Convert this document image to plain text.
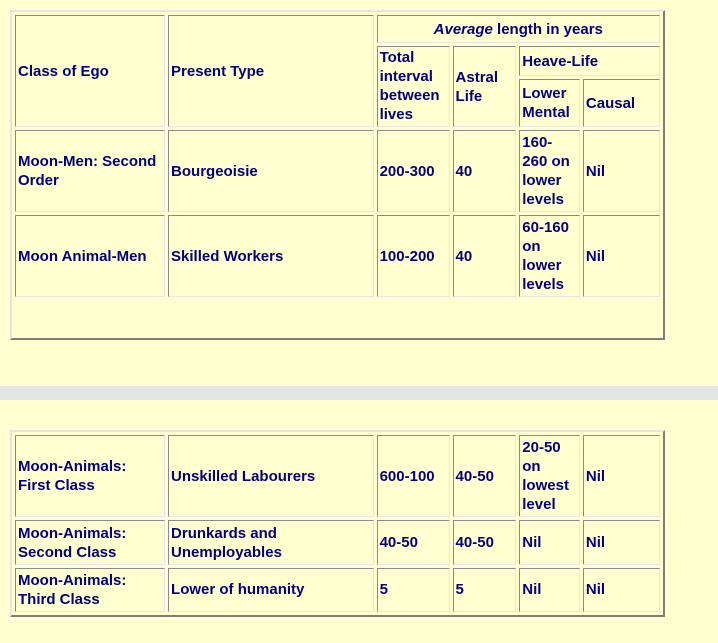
Class of Ego	Present Type	Average length in years			
		Total interval between lives	Astral Life	Heave-Life	
				Lower Mental	Causal
Moon-Men: Second Order	Bourgeoisie	200-300	40	160-260 on lower levels	Nil
Moon Animal-Men	Skilled Workers	100-200	40	60-160 on lower levels	Nil

Moon-Animals: First Class	Unskilled Labourers	600-100	40-50	20-50 on lowest level	Nil
Moon-Animals: Second Class	Drunkards and Unemployables	40-50	40-50	Nil	Nil
Moon-Animals: Third Class	Lower of humanity	5	5	Nil	Nil
